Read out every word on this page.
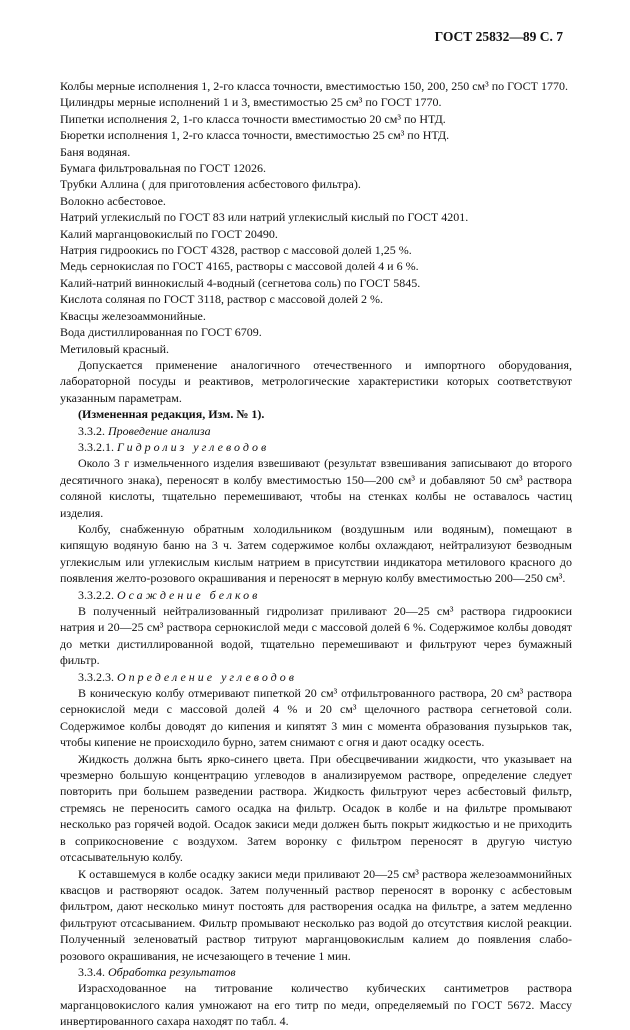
ГОСТ 25832—89 С. 7
Колбы мерные исполнения 1, 2-го класса точности, вместимостью 150, 200, 250 см³ по ГОСТ 1770.
Цилиндры мерные исполнений 1 и 3, вместимостью 25 см³ по ГОСТ 1770.
Пипетки исполнения 2, 1-го класса точности вместимостью 20 см³ по НТД.
Бюретки исполнения 1, 2-го класса точности, вместимостью 25 см³ по НТД.
Баня водяная.
Бумага фильтровальная по ГОСТ 12026.
Трубки Аллина ( для приготовления асбестового фильтра).
Волокно асбестовое.
Натрий углекислый по ГОСТ 83 или натрий углекислый кислый по ГОСТ 4201.
Калий марганцовокислый по ГОСТ 20490.
Натрия гидроокись по ГОСТ 4328, раствор с массовой долей 1,25 %.
Медь сернокислая по ГОСТ 4165, растворы с массовой долей 4 и 6 %.
Калий-натрий виннокислый 4-водный (сегнетова соль) по ГОСТ 5845.
Кислота соляная по ГОСТ 3118, раствор с массовой долей 2 %.
Квасцы железоаммонийные.
Вода дистиллированная по ГОСТ 6709.
Метиловый красный.

Допускается применение аналогичного отечественного и импортного оборудования, лабораторной посуды и реактивов, метрологические характеристики которых соответствуют указанным параметрам.

(Измененная редакция, Изм. № 1).
3.3.2. Проведение анализа
3.3.2.1. Гидролиз углеводов

Около 3 г измельченного изделия взвешивают (результат взвешивания записывают до второго десятичного знака), переносят в колбу вместимостью 150—200 см³ и добавляют 50 см³ раствора соляной кислоты, тщательно перемешивают, чтобы на стенках колбы не оставалось частиц изделия.

Колбу, снабженную обратным холодильником (воздушным или водяным), помещают в кипящую водяную баню на 3 ч. Затем содержимое колбы охлаждают, нейтрализуют безводным углекислым или углекислым кислым натрием в присутствии индикатора метилового красного до появления желто-розового окрашивания и переносят в мерную колбу вместимостью 200—250 см³.

3.3.2.2. Осаждение белков

В полученный нейтрализованный гидролизат приливают 20—25 см³ раствора гидроокиси натрия и 20—25 см³ раствора сернокислой меди с массовой долей 6 %. Содержимое колбы доводят до метки дистиллированной водой, тщательно перемешивают и фильтруют через бумажный фильтр.

3.3.2.3. Определение углеводов

В коническую колбу отмеривают пипеткой 20 см³ отфильтрованного раствора, 20 см³ раствора сернокислой меди с массовой долей 4 % и 20 см³ щелочного раствора сегнетовой соли. Содержимое колбы доводят до кипения и кипятят 3 мин с момента образования пузырьков так, чтобы кипение не происходило бурно, затем снимают с огня и дают осадку осесть.

Жидкость должна быть ярко-синего цвета. При обесцвечивании жидкости, что указывает на чрезмерно большую концентрацию углеводов в анализируемом растворе, определение следует повторить при большем разведении раствора. Жидкость фильтруют через асбестовый фильтр, стремясь не переносить самого осадка на фильтр. Осадок в колбе и на фильтре промывают несколько раз горячей водой. Осадок закиси меди должен быть покрыт жидкостью и не приходить в соприкосновение с воздухом. Затем воронку с фильтром переносят в другую чистую отсасывательную колбу.

К оставшемуся в колбе осадку закиси меди приливают 20—25 см³ раствора железоаммонийных квасцов и растворяют осадок. Затем полученный раствор переносят в воронку с асбестовым фильтром, дают несколько минут постоять для растворения осадка на фильтре, а затем медленно фильтруют отсасыванием. Фильтр промывают несколько раз водой до отсутствия кислой реакции. Полученный зеленоватый раствор титруют марганцовокислым калием до появления слабо-розового окрашивания, не исчезающего в течение 1 мин.

3.3.4. Обработка результатов

Израсходованное на титрование количество кубических сантиметров раствора марганцовокислого калия умножают на его титр по меди, определяемый по ГОСТ 5672. Массу инвертированного сахара находят по табл. 4.
